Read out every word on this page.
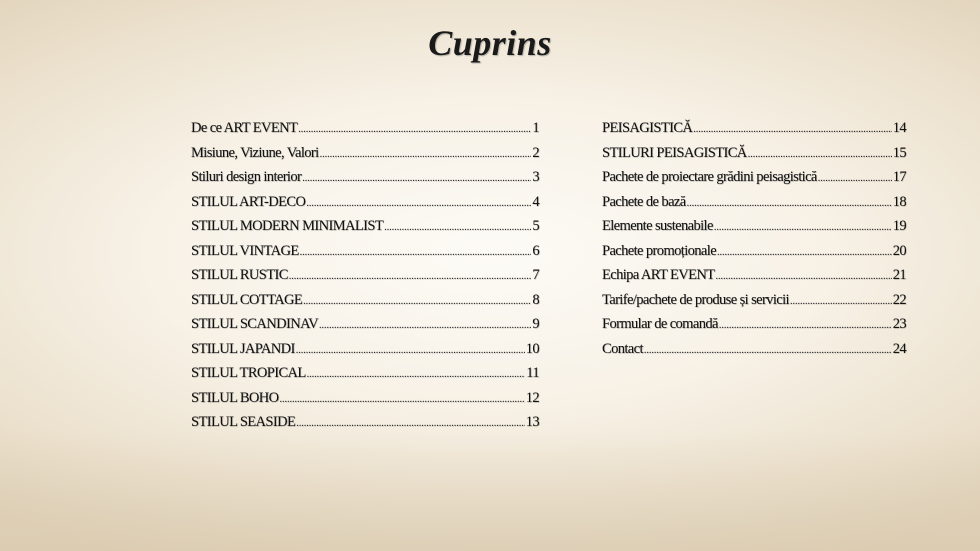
Cuprins
De ce ART EVENT .....	1
Misiune, Viziune, Valori .....	2
Stiluri design interior .....	3
STILUL ART-DECO .....	4
STILUL MODERN MINIMALIST .....	5
STILUL VINTAGE .....	6
STILUL RUSTIC .....	7
STILUL COTTAGE .....	8
STILUL SCANDINAV .....	9
STILUL JAPANDI .....	10
STILUL TROPICAL .....	11
STILUL BOHO .....	12
STILUL SEASIDE .....	13
PEISAGISTICĂ .....	14
STILURI PEISAGISTICĂ .....	15
Pachete de proiectare grădini peisagistică .....	17
Pachete de bază .....	18
Elemente sustenabile .....	19
Pachete promoționale .....	20
Echipa ART EVENT .....	21
Tarife/pachete de produse și servicii .....	22
Formular de comandă .....	23
Contact .....	24
